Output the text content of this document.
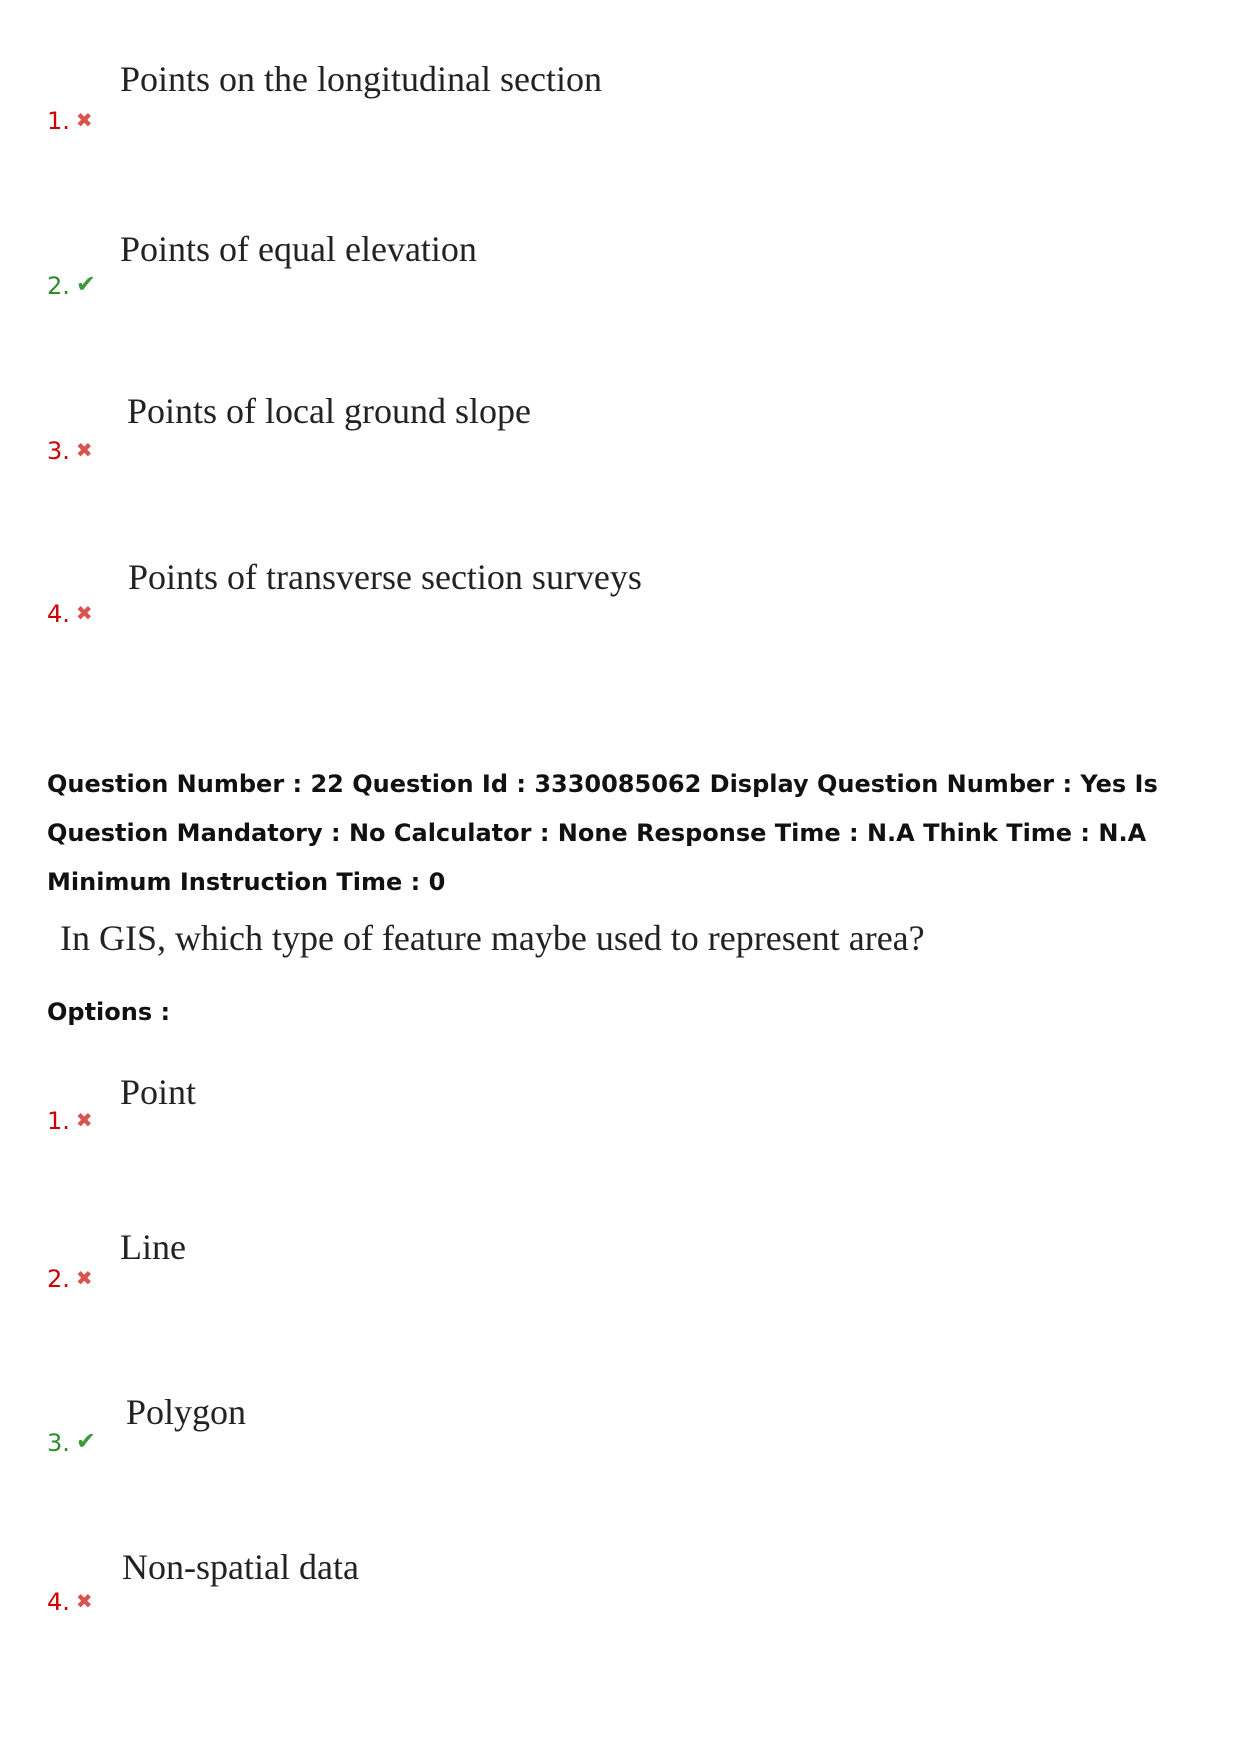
Points on the longitudinal section
1. ✖
Points of equal elevation
2. ✔
Points of local ground slope
3. ✖
Points of transverse section surveys
4. ✖

Question Number : 22 Question Id : 3330085062 Display Question Number : Yes Is Question Mandatory : No Calculator : None Response Time : N.A Think Time : N.A Minimum Instruction Time : 0

In GIS, which type of feature maybe used to represent area?
Options :
Point
1. ✖
Line
2. ✖
Polygon
3. ✔
Non-spatial data
4. ✖
